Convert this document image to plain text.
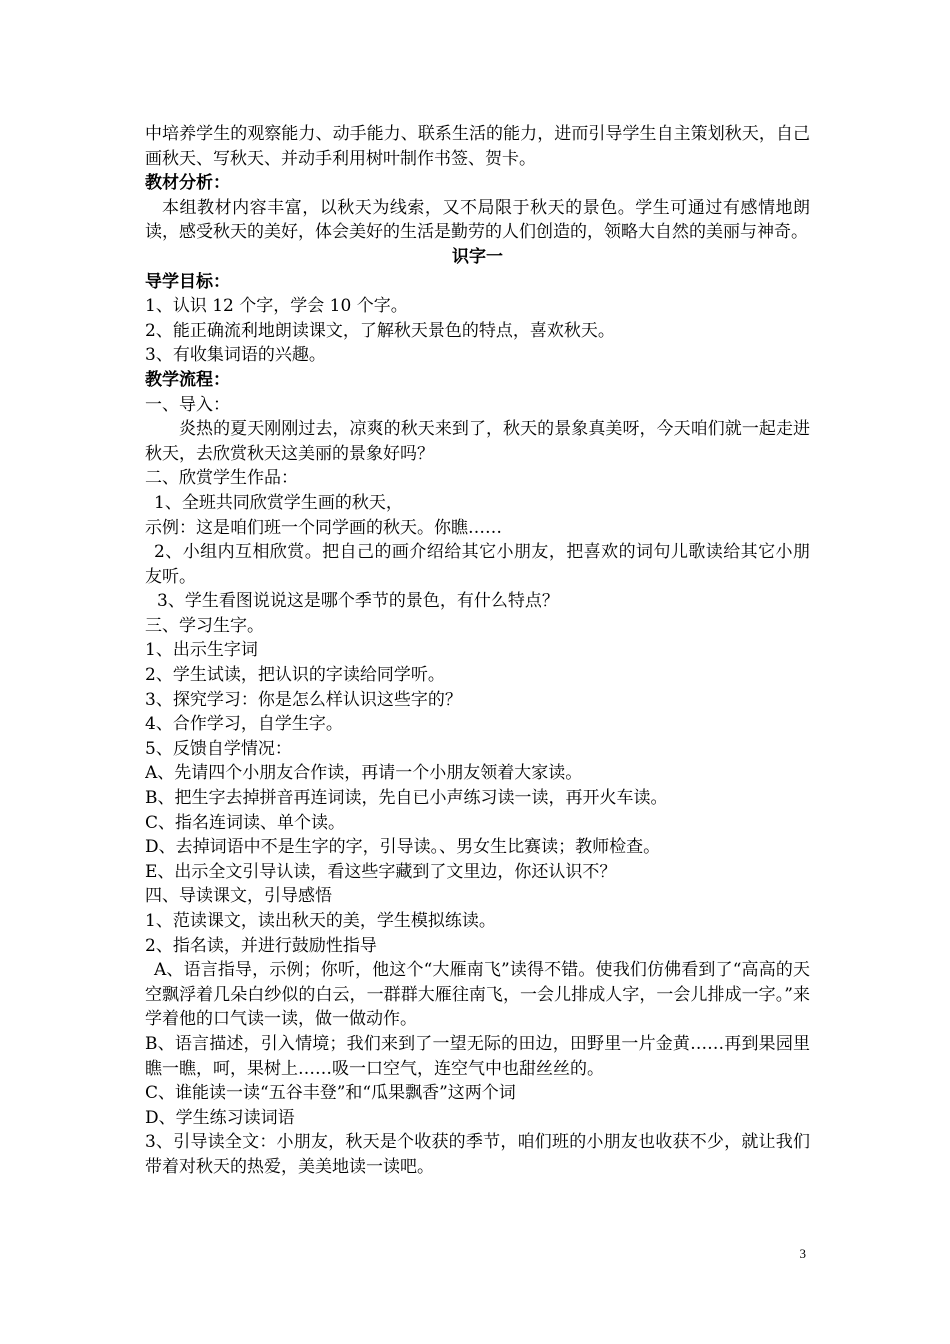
中培养学生的观察能力、动手能力、联系生活的能力，进而引导学生自主策划秋天，自己画秋天、写秋天、并动手利用树叶制作书签、贺卡。

教材分析：

本组教材内容丰富，以秋天为线索，又不局限于秋天的景色。学生可通过有感情地朗读，感受秋天的美好，体会美好的生活是勤劳的人们创造的，领略大自然的美丽与神奇。

识字一

导学目标：

1、认识 12 个字，学会 10 个字。

2、能正确流利地朗读课文，了解秋天景色的特点，喜欢秋天。

3、有收集词语的兴趣。

教学流程：

一、导入：

炎热的夏天刚刚过去，凉爽的秋天来到了，秋天的景象真美呀，今天咱们就一起走进秋天，去欣赏秋天这美丽的景象好吗？

二、欣赏学生作品：

1、全班共同欣赏学生画的秋天，

示例：这是咱们班一个同学画的秋天。你瞧……

2、小组内互相欣赏。把自己的画介绍给其它小朋友，把喜欢的词句儿歌读给其它小朋友听。

3、学生看图说说这是哪个季节的景色，有什么特点？

三、学习生字。

1、出示生字词

2、学生试读，把认识的字读给同学听。

3、探究学习：你是怎么样认识这些字的？

4、合作学习，自学生字。

5、反馈自学情况：

A、先请四个小朋友合作读，再请一个小朋友领着大家读。

B、把生字去掉拼音再连词读，先自已小声练习读一读，再开火车读。

C、指名连词读、单个读。

D、去掉词语中不是生字的字，引导读。、男女生比赛读；教师检查。

E、出示全文引导认读，看这些字藏到了文里边，你还认识不？

四、导读课文，引导感悟

1、范读课文，读出秋天的美，学生模拟练读。

2、指名读，并进行鼓励性指导

A、语言指导，示例；你听，他这个“大雁南飞”读得不错。使我们仿佛看到了“高高的天空飘浮着几朵白纱似的白云，一群群大雁往南飞，一会儿排成人字，一会儿排成一字。”来学着他的口气读一读，做一做动作。

B、语言描述，引入情境；我们来到了一望无际的田边，田野里一片金黄……再到果园里瞧一瞧，呵，果树上……吸一口空气，连空气中也甜丝丝的。

C、谁能读一读“五谷丰登”和“瓜果飘香”这两个词

D、学生练习读词语

3、引导读全文：小朋友，秋天是个收获的季节，咱们班的小朋友也收获不少，就让我们带着对秋天的热爱，美美地读一读吧。

3
